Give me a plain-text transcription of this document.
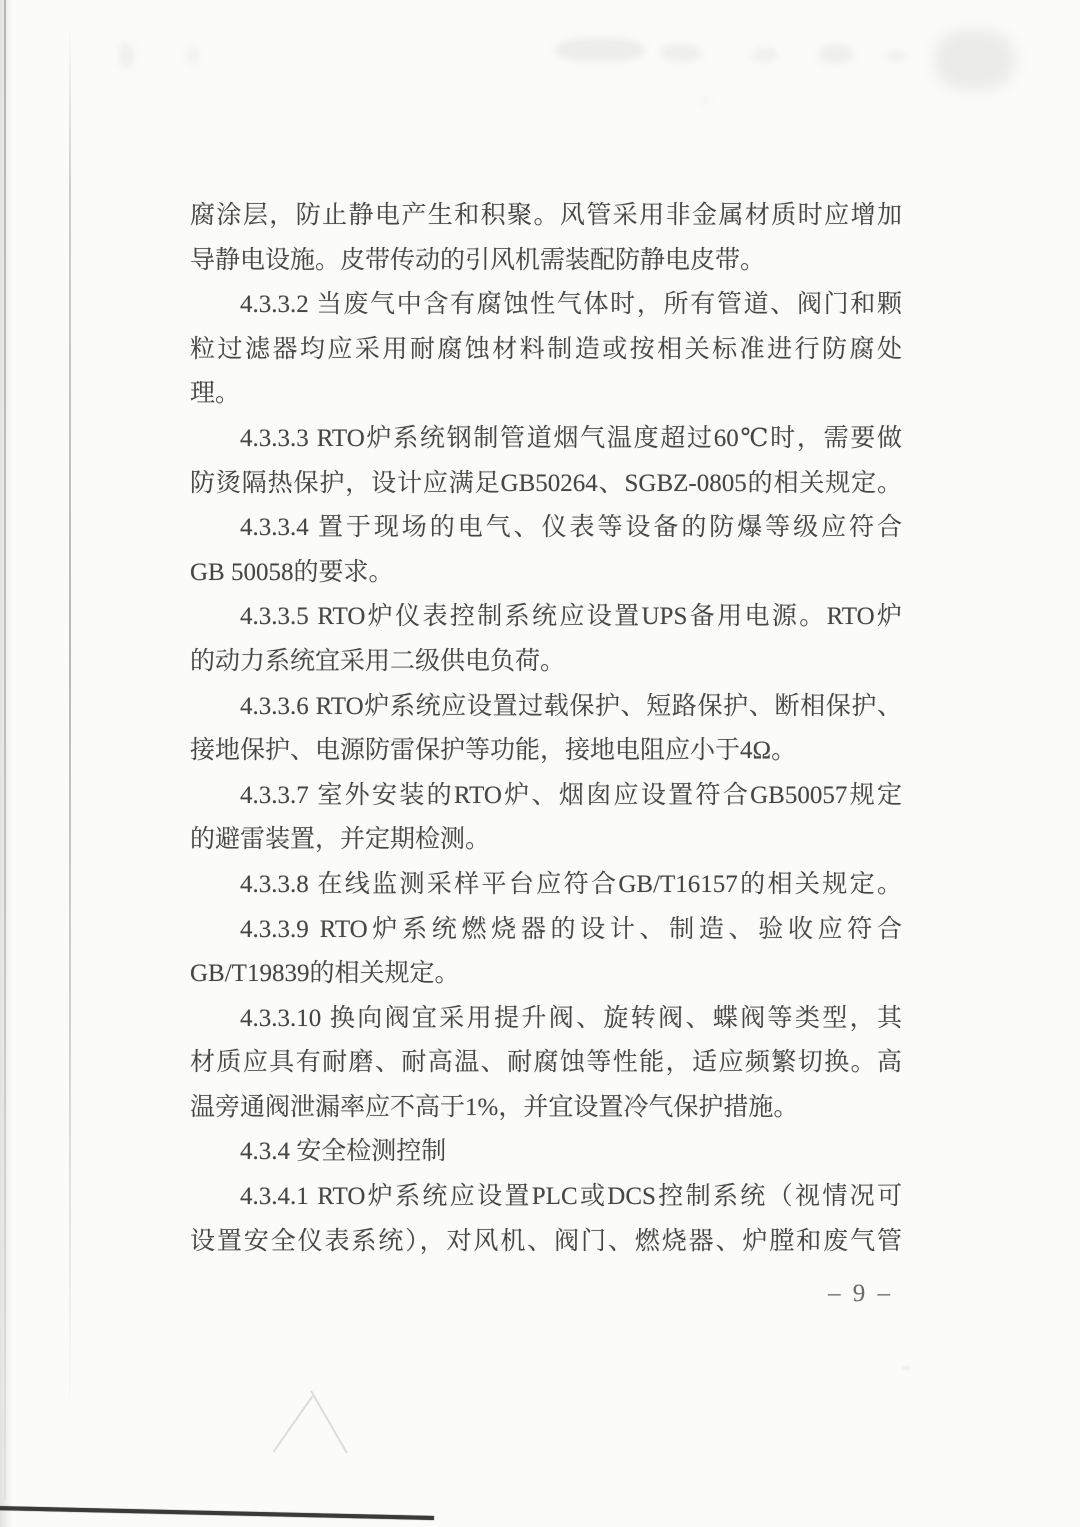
腐涂层，防止静电产生和积聚。风管采用非金属材质时应增加
导静电设施。皮带传动的引风机需装配防静电皮带。
4.3.3.2 当废气中含有腐蚀性气体时，所有管道、阀门和颗
粒过滤器均应采用耐腐蚀材料制造或按相关标准进行防腐处
理。
4.3.3.3 RTO炉系统钢制管道烟气温度超过60℃时，需要做
防烫隔热保护，设计应满足GB50264、SGBZ-0805的相关规定。
4.3.3.4 置于现场的电气、仪表等设备的防爆等级应符合
GB 50058的要求。
4.3.3.5 RTO炉仪表控制系统应设置UPS备用电源。RTO炉
的动力系统宜采用二级供电负荷。
4.3.3.6 RTO炉系统应设置过载保护、短路保护、断相保护、
接地保护、电源防雷保护等功能，接地电阻应小于4Ω。
4.3.3.7 室外安装的RTO炉、烟囱应设置符合GB50057规定
的避雷装置，并定期检测。
4.3.3.8 在线监测采样平台应符合GB/T16157的相关规定。
4.3.3.9 RTO炉系统燃烧器的设计、制造、验收应符合
GB/T19839的相关规定。
4.3.3.10 换向阀宜采用提升阀、旋转阀、蝶阀等类型，其
材质应具有耐磨、耐高温、耐腐蚀等性能，适应频繁切换。高
温旁通阀泄漏率应不高于1%，并宜设置冷气保护措施。
4.3.4 安全检测控制
4.3.4.1 RTO炉系统应设置PLC或DCS控制系统（视情况可
设置安全仪表系统），对风机、阀门、燃烧器、炉膛和废气管
– 9 –
